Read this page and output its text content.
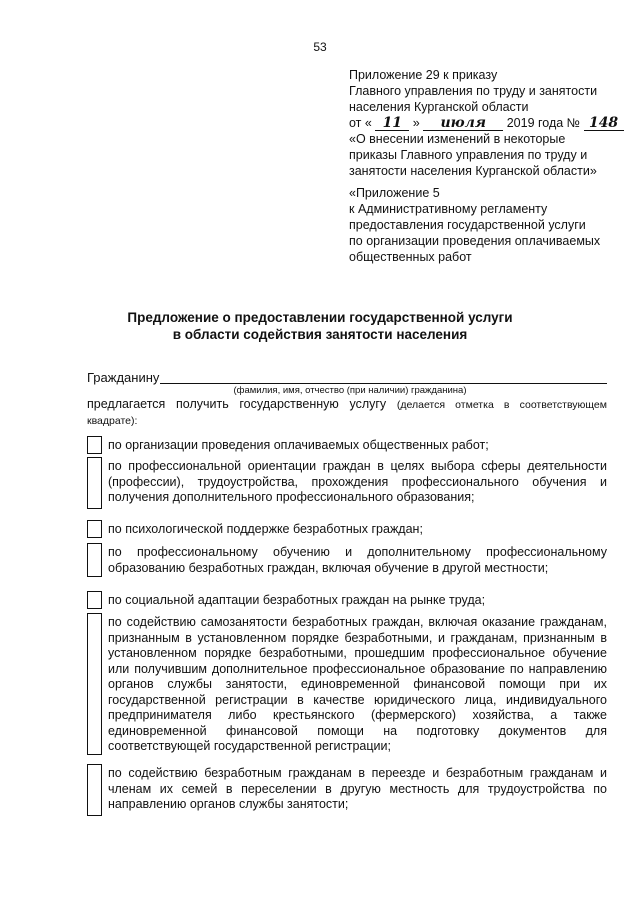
53
Приложение 29 к приказу
Главного управления по труду и занятости
населения Курганской области
от « 11 » июля 2019 года № 148
«О внесении изменений в некоторые
приказы Главного управления по труду и
занятости населения Курганской области»
«Приложение 5
к Административному регламенту
предоставления государственной услуги
по организации проведения оплачиваемых
общественных работ
Предложение о предоставлении государственной услуги
в области содействия занятости населения
Гражданину
(фамилия, имя, отчество (при наличии) гражданина)
предлагается получить государственную услугу (делается отметка в соответствующем квадрате):
по организации проведения оплачиваемых общественных работ;
по профессиональной ориентации граждан в целях выбора сферы деятельности (профессии), трудоустройства, прохождения профессионального обучения и получения дополнительного профессионального образования;
по психологической поддержке безработных граждан;
по профессиональному обучению и дополнительному профессиональному образованию безработных граждан, включая обучение в другой местности;
по социальной адаптации безработных граждан на рынке труда;
по содействию самозанятости безработных граждан, включая оказание гражданам, признанным в установленном порядке безработными, и гражданам, признанным в установленном порядке безработными, прошедшим профессиональное обучение или получившим дополнительное профессиональное образование по направлению органов службы занятости, единовременной финансовой помощи при их государственной регистрации в качестве юридического лица, индивидуального предпринимателя либо крестьянского (фермерского) хозяйства, а также единовременной финансовой помощи на подготовку документов для соответствующей государственной регистрации;
по содействию безработным гражданам в переезде и безработным гражданам и членам их семей в переселении в другую местность для трудоустройства по направлению органов службы занятости;
